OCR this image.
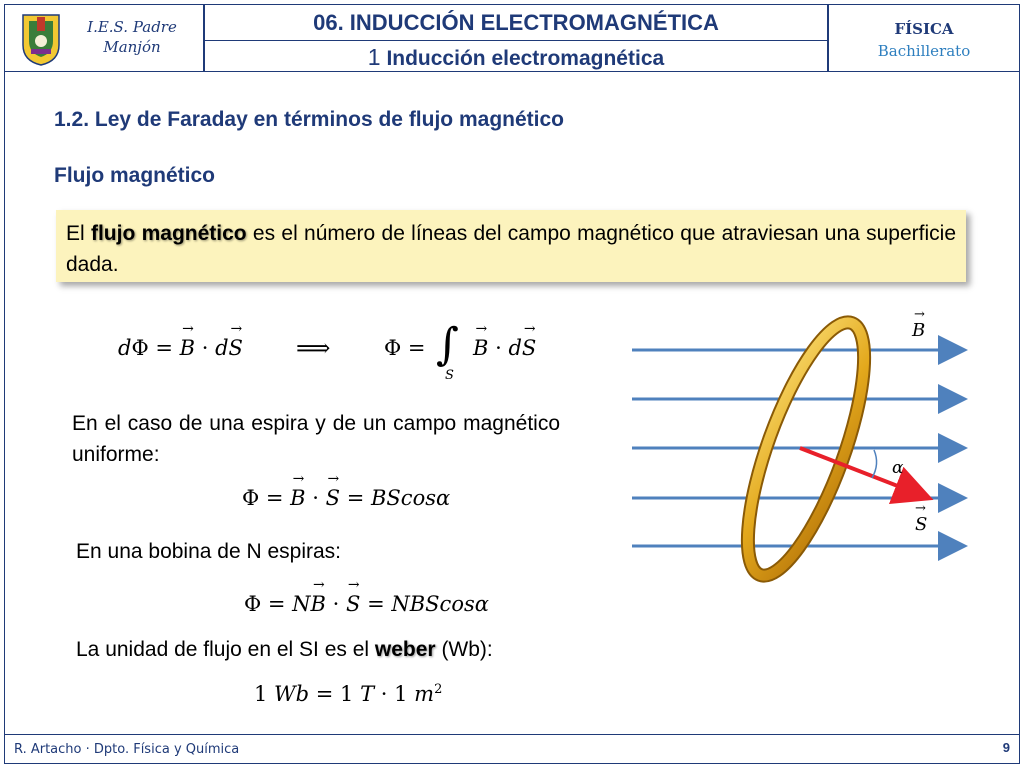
I.E.S. Padre Manjón
06. INDUCCIÓN ELECTROMAGNÉTICA
1 Inducción electromagnética
FÍSICA
Bachillerato
1.2. Ley de Faraday en términos de flujo magnético
Flujo magnético

El flujo magnético es el número de líneas del campo magnético que atraviesan una superficie dada.

dΦ = → B · d→ S ⟹	Φ = ∫
S
→ B · d→ S
En el caso de una espira y de un campo magnético uniforme:
Φ = → B · → S = BScosα
En una bobina de N espiras:
Φ = N→ B · → S = NBScosα
La unidad de flujo en el SI es el weber (Wb):
1 Wb = 1 T · 1 $m^2$
B
→
α
S
→
R. Artacho · Dpto. Física y Química	9
